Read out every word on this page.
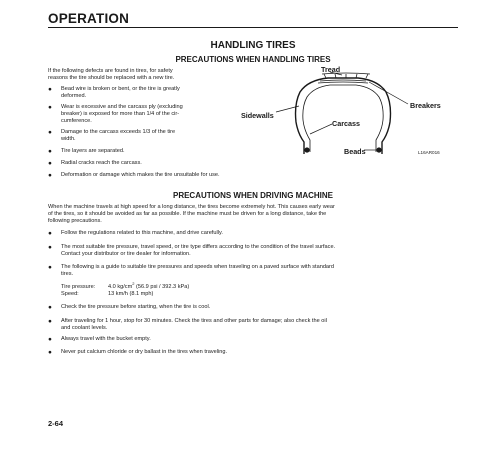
OPERATION
HANDLING TIRES
PRECAUTIONS WHEN HANDLING TIRES
If the following defects are found in tires, for safety
reasons the tire should be replaced with a new tire.
● Bead wire is broken or bent, or the tire is greatly
deformed.
● Wear is excessive and the carcass ply (excluding
breaker) is exposed for more than 1/4 of the cir-
cumference.
● Damage to the carcass exceeds 1/3 of the tire
width.
● Tire layers are separated.
● Radial cracks reach the carcass.
● Deformation or damage which makes the tire unsuitable for use.
Tread
Breakers
Sidewalls
Carcass
Beads	L16AR016
PRECAUTIONS WHEN DRIVING MACHINE
When the machine travels at high speed for a long distance, the tires become extremely hot. This causes early wear
of the tires, so it should be avoided as far as possible. If the machine must be driven for a long distance, take the
following precautions.
● Follow the regulations related to this machine, and drive carefully.
● The most suitable tire pressure, travel speed, or tire type differs according to the condition of the travel surface.
Contact your distributor or tire dealer for information.
● The following is a guide to suitable tire pressures and speeds when traveling on a paved surface with standard
tires.
Tire pressure: 4.0 $kg/cm^2$ (56.9 psi / 392.3 kPa)
Speed:	13 km/h (8.1 mph)
● Check the tire pressure before starting, when the tire is cool.
● After traveling for 1 hour, stop for 30 minutes. Check the tires and other parts for damage; also check the oil
and coolant levels.
● Always travel with the bucket empty.
● Never put calcium chloride or dry ballast in the tires when traveling.
2-64
